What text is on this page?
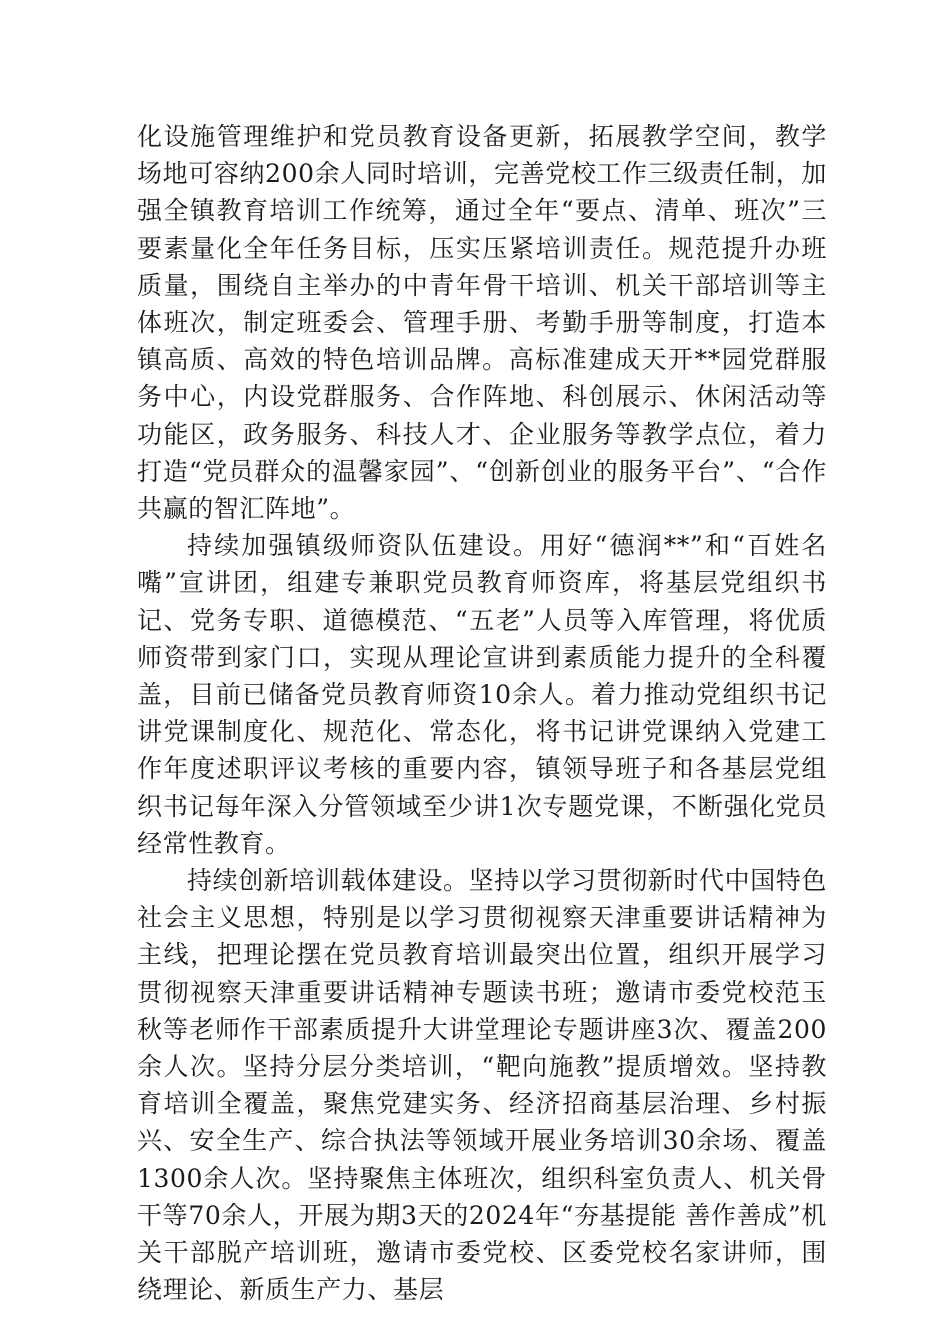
化设施管理维护和党员教育设备更新，拓展教学空间，教学场地可容纳200余人同时培训，完善党校工作三级责任制，加强全镇教育培训工作统筹，通过全年“要点、清单、班次”三要素量化全年任务目标，压实压紧培训责任。规范提升办班质量，围绕自主举办的中青年骨干培训、机关干部培训等主体班次，制定班委会、管理手册、考勤手册等制度，打造本镇高质、高效的特色培训品牌。高标准建成天开**园党群服务中心，内设党群服务、合作阵地、科创展示、休闲活动等功能区，政务服务、科技人才、企业服务等教学点位，着力打造“党员群众的温馨家园”、“创新创业的服务平台”、“合作共赢的智汇阵地”。

持续加强镇级师资队伍建设。用好“德润**”和“百姓名嘴”宣讲团，组建专兼职党员教育师资库，将基层党组织书记、党务专职、道德模范、“五老”人员等入库管理，将优质师资带到家门口，实现从理论宣讲到素质能力提升的全科覆盖，目前已储备党员教育师资10余人。着力推动党组织书记讲党课制度化、规范化、常态化，将书记讲党课纳入党建工作年度述职评议考核的重要内容，镇领导班子和各基层党组织书记每年深入分管领域至少讲1次专题党课，不断强化党员经常性教育。

持续创新培训载体建设。坚持以学习贯彻新时代中国特色社会主义思想，特别是以学习贯彻视察天津重要讲话精神为主线，把理论摆在党员教育培训最突出位置，组织开展学习贯彻视察天津重要讲话精神专题读书班；邀请市委党校范玉秋等老师作干部素质提升大讲堂理论专题讲座3次、覆盖200余人次。坚持分层分类培训，“靶向施教”提质增效。坚持教育培训全覆盖，聚焦党建实务、经济招商基层治理、乡村振兴、安全生产、综合执法等领域开展业务培训30余场、覆盖1300余人次。坚持聚焦主体班次，组织科室负责人、机关骨干等70余人，开展为期3天的2024年“夯基提能 善作善成”机关干部脱产培训班，邀请市委党校、区委党校名家讲师，围绕理论、新质生产力、基层
